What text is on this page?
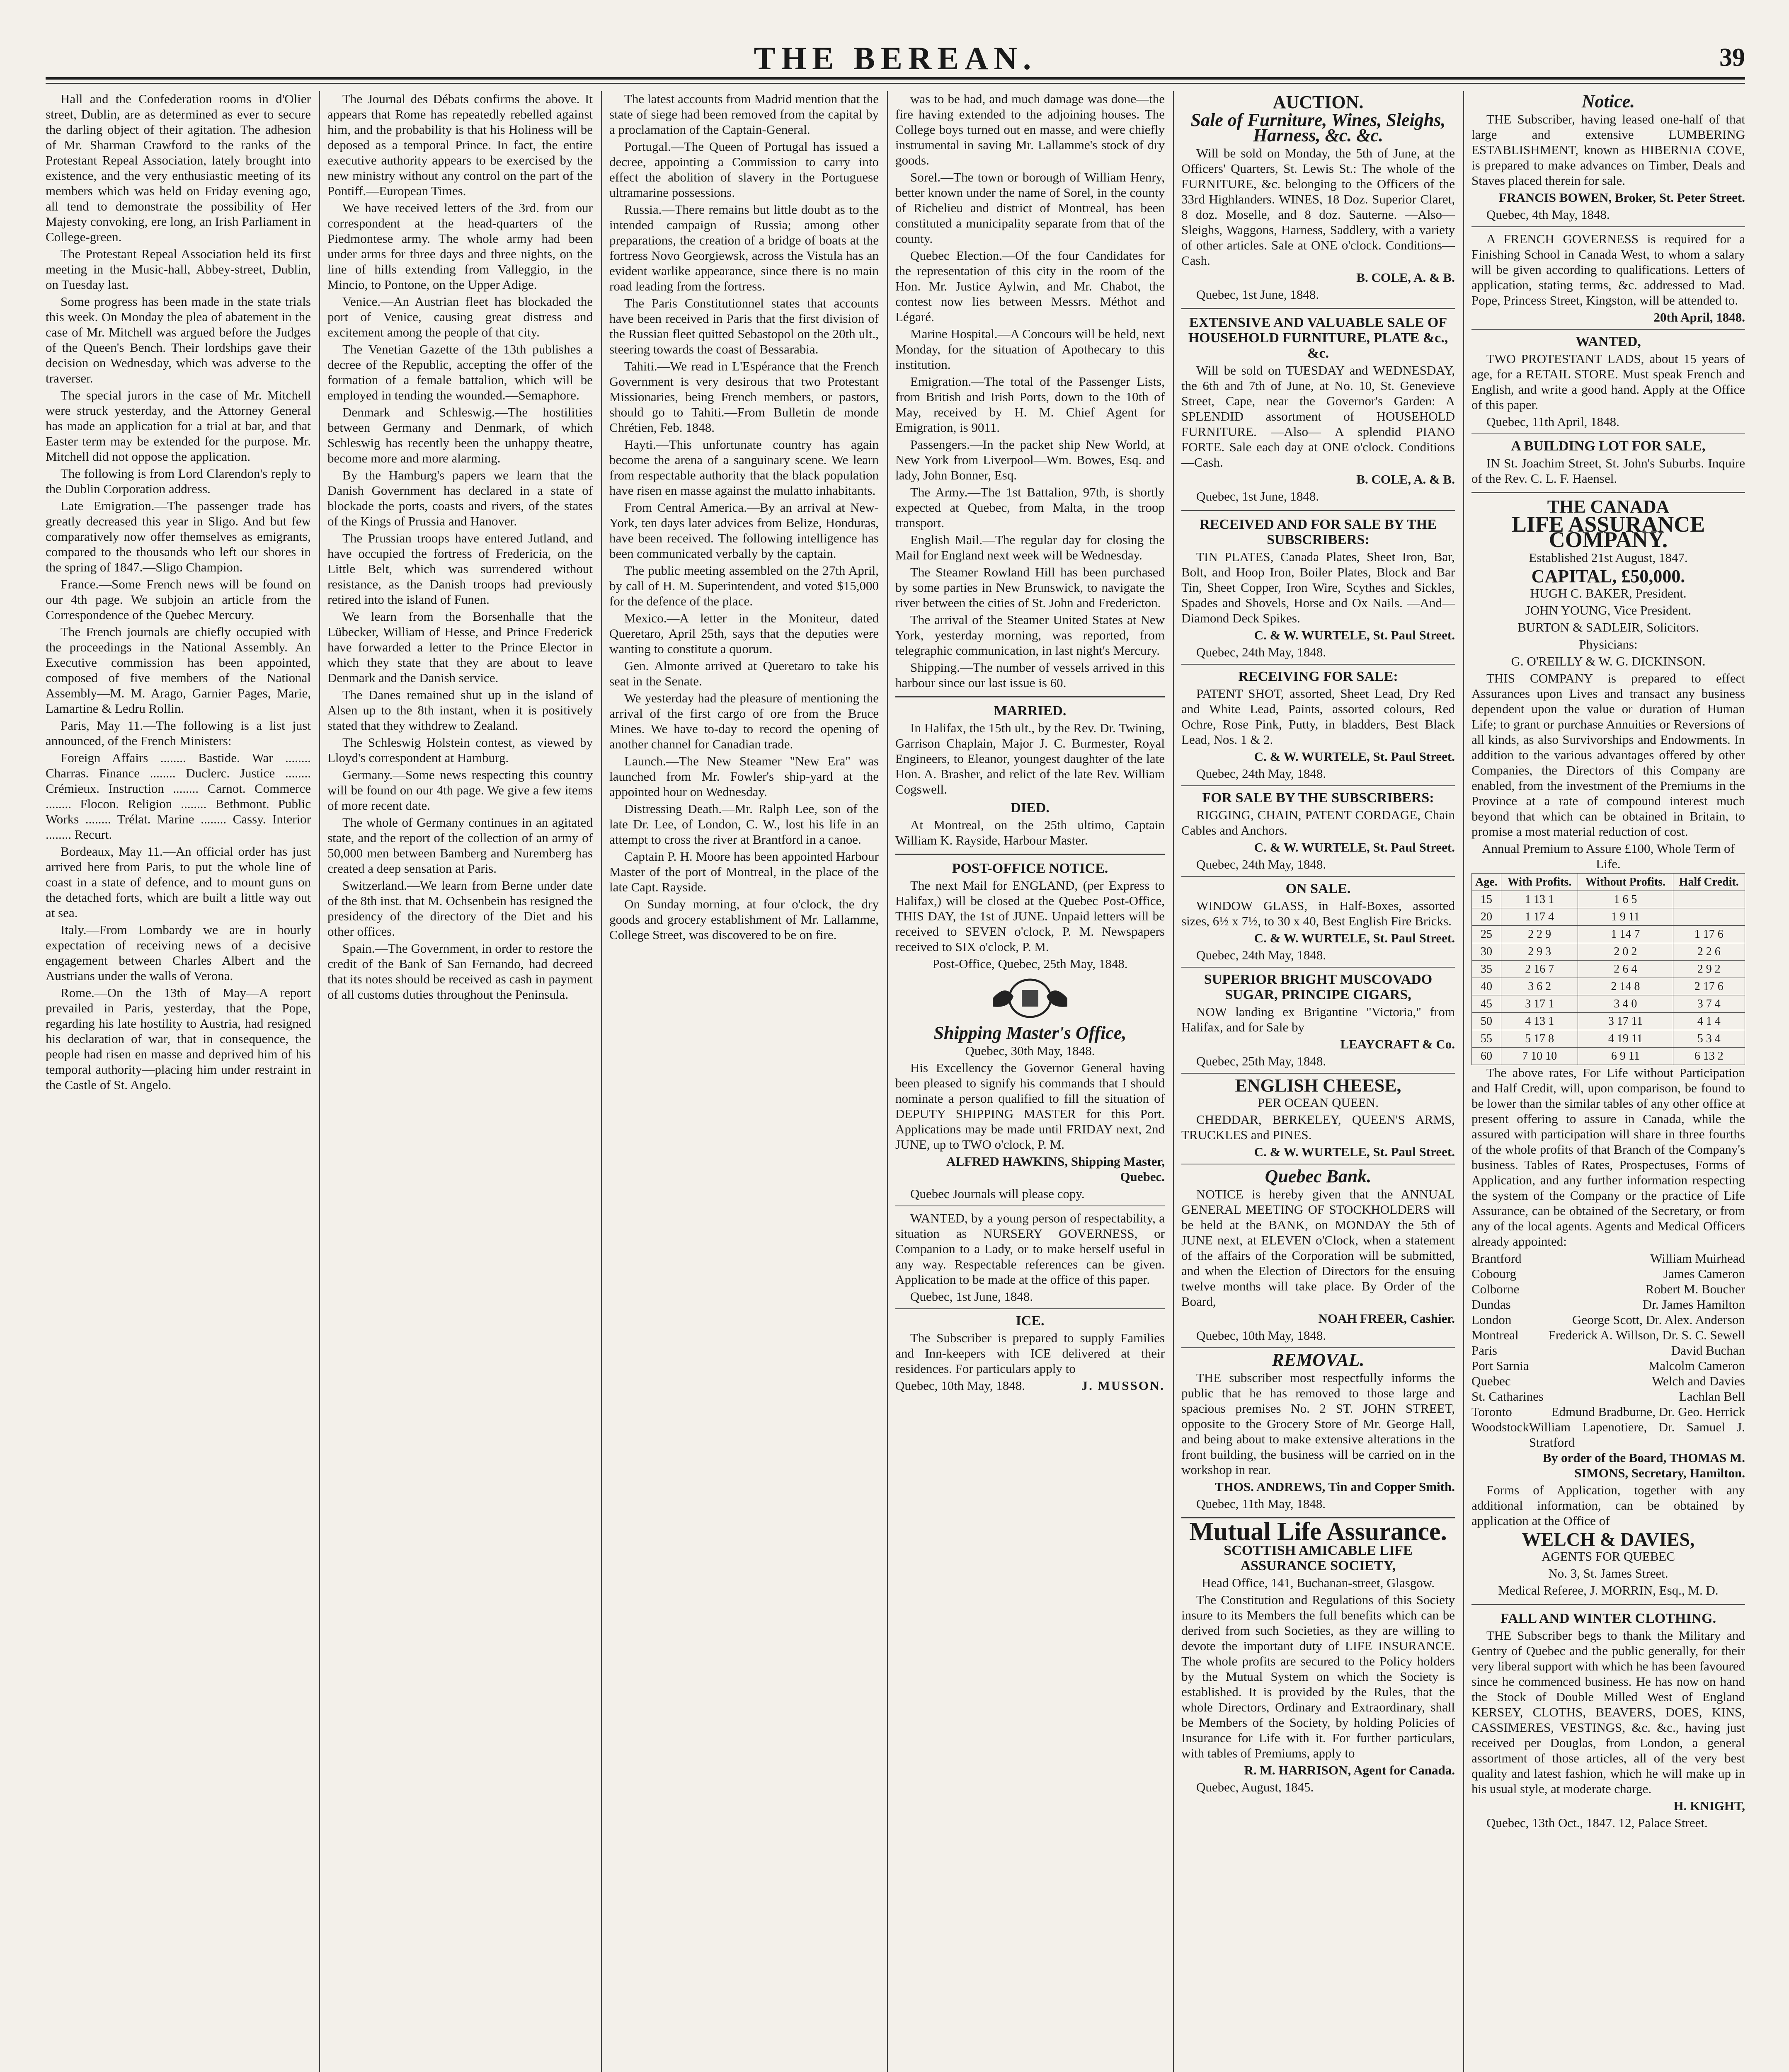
THE BEREAN.	39

Hall and the Confederation rooms in d'Olier street, Dublin, are as determined as ever to secure the darling object of their agitation. The adhesion of Mr. Sharman Crawford to the ranks of the Protestant Repeal Association, lately brought into existence, and the very enthusiastic meeting of its members which was held on Friday evening ago, all tend to demonstrate the possibility of Her Majesty convoking, ere long, an Irish Parliament in College-green.

The Protestant Repeal Association held its first meeting in the Music-hall, Abbey-street, Dublin, on Tuesday last.

Some progress has been made in the state trials this week. On Monday the plea of abatement in the case of Mr. Mitchell was argued before the Judges of the Queen's Bench. Their lordships gave their decision on Wednesday, which was adverse to the traverser.

The special jurors in the case of Mr. Mitchell were struck yesterday, and the Attorney General has made an application for a trial at bar, and that Easter term may be extended for the purpose. Mr. Mitchell did not oppose the application.

The following is from Lord Clarendon's reply to the Dublin Corporation address.

Late Emigration.—The passenger trade has greatly decreased this year in Sligo. And but few comparatively now offer themselves as emigrants, compared to the thousands who left our shores in the spring of 1847.—Sligo Champion.

France.—Some French news will be found on our 4th page. We subjoin an article from the Correspondence of the Quebec Mercury.

The French journals are chiefly occupied with the proceedings in the National Assembly. An Executive commission has been appointed, composed of five members of the National Assembly—M. M. Arago, Garnier Pages, Marie, Lamartine & Ledru Rollin.

Paris, May 11.—The following is a list just announced, of the French Ministers:

Foreign Affairs ........ Bastide. War ........ Charras. Finance ........ Duclerc. Justice ........ Crémieux. Instruction ........ Carnot. Commerce ........ Flocon. Religion ........ Bethmont. Public Works ........ Trélat. Marine ........ Cassy. Interior ........ Recurt.

Bordeaux, May 11.—An official order has just arrived here from Paris, to put the whole line of coast in a state of defence, and to mount guns on the detached forts, which are built a little way out at sea.

Italy.—From Lombardy we are in hourly expectation of receiving news of a decisive engagement between Charles Albert and the Austrians under the walls of Verona.

Rome.—On the 13th of May—A report prevailed in Paris, yesterday, that the Pope, regarding his late hostility to Austria, had resigned his declaration of war, that in consequence, the people had risen en masse and deprived him of his temporal authority—placing him under restraint in the Castle of St. Angelo.

The Journal des Débats confirms the above. It appears that Rome has repeatedly rebelled against him, and the probability is that his Holiness will be deposed as a temporal Prince. In fact, the entire executive authority appears to be exercised by the new ministry without any control on the part of the Pontiff.—European Times.

We have received letters of the 3rd. from our correspondent at the head-quarters of the Piedmontese army. The whole army had been under arms for three days and three nights, on the line of hills extending from Valleggio, in the Mincio, to Pontone, on the Upper Adige.

Venice.—An Austrian fleet has blockaded the port of Venice, causing great distress and excitement among the people of that city.

The Venetian Gazette of the 13th publishes a decree of the Republic, accepting the offer of the formation of a female battalion, which will be employed in tending the wounded.—Semaphore.

Denmark and Schleswig.—The hostilities between Germany and Denmark, of which Schleswig has recently been the unhappy theatre, become more and more alarming.

By the Hamburg's papers we learn that the Danish Government has declared in a state of blockade the ports, coasts and rivers, of the states of the Kings of Prussia and Hanover.

The Prussian troops have entered Jutland, and have occupied the fortress of Fredericia, on the Little Belt, which was surrendered without resistance, as the Danish troops had previously retired into the island of Funen.

We learn from the Borsenhalle that the Lübecker, William of Hesse, and Prince Frederick have forwarded a letter to the Prince Elector in which they state that they are about to leave Denmark and the Danish service.

The Danes remained shut up in the island of Alsen up to the 8th instant, when it is positively stated that they withdrew to Zealand.

The Schleswig Holstein contest, as viewed by Lloyd's correspondent at Hamburg.

Germany.—Some news respecting this country will be found on our 4th page. We give a few items of more recent date.

The whole of Germany continues in an agitated state, and the report of the collection of an army of 50,000 men between Bamberg and Nuremberg has created a deep sensation at Paris.

Switzerland.—We learn from Berne under date of the 8th inst. that M. Ochsenbein has resigned the presidency of the directory of the Diet and his other offices.

Spain.—The Government, in order to restore the credit of the Bank of San Fernando, had decreed that its notes should be received as cash in payment of all customs duties throughout the Peninsula.

The latest accounts from Madrid mention that the state of siege had been removed from the capital by a proclamation of the Captain-General.

Portugal.—The Queen of Portugal has issued a decree, appointing a Commission to carry into effect the abolition of slavery in the Portuguese ultramarine possessions.

Russia.—There remains but little doubt as to the intended campaign of Russia; among other preparations, the creation of a bridge of boats at the fortress Novo Georgiewsk, across the Vistula has an evident warlike appearance, since there is no main road leading from the fortress.

The Paris Constitutionnel states that accounts have been received in Paris that the first division of the Russian fleet quitted Sebastopol on the 20th ult., steering towards the coast of Bessarabia.

Tahiti.—We read in L'Espérance that the French Government is very desirous that two Protestant Missionaries, being French members, or pastors, should go to Tahiti.—From Bulletin de monde Chrétien, Feb. 1848.

Hayti.—This unfortunate country has again become the arena of a sanguinary scene. We learn from respectable authority that the black population have risen en masse against the mulatto inhabitants.

From Central America.—By an arrival at New-York, ten days later advices from Belize, Honduras, have been received. The following intelligence has been communicated verbally by the captain.

The public meeting assembled on the 27th April, by call of H. M. Superintendent, and voted $15,000 for the defence of the place.

Mexico.—A letter in the Moniteur, dated Queretaro, April 25th, says that the deputies were wanting to constitute a quorum.

Gen. Almonte arrived at Queretaro to take his seat in the Senate.

We yesterday had the pleasure of mentioning the arrival of the first cargo of ore from the Bruce Mines. We have to-day to record the opening of another channel for Canadian trade.

Launch.—The New Steamer "New Era" was launched from Mr. Fowler's ship-yard at the appointed hour on Wednesday.

Distressing Death.—Mr. Ralph Lee, son of the late Dr. Lee, of London, C. W., lost his life in an attempt to cross the river at Brantford in a canoe.

Captain P. H. Moore has been appointed Harbour Master of the port of Montreal, in the place of the late Capt. Rayside.

On Sunday morning, at four o'clock, the dry goods and grocery establishment of Mr. Lallamme, College Street, was discovered to be on fire.

was to be had, and much damage was done—the fire having extended to the adjoining houses. The College boys turned out en masse, and were chiefly instrumental in saving Mr. Lallamme's stock of dry goods.

Sorel.—The town or borough of William Henry, better known under the name of Sorel, in the county of Richelieu and district of Montreal, has been constituted a municipality separate from that of the county.

Quebec Election.—Of the four Candidates for the representation of this city in the room of the Hon. Mr. Justice Aylwin, and Mr. Chabot, the contest now lies between Messrs. Méthot and Légaré.

Marine Hospital.—A Concours will be held, next Monday, for the situation of Apothecary to this institution.

Emigration.—The total of the Passenger Lists, from British and Irish Ports, down to the 10th of May, received by H. M. Chief Agent for Emigration, is 9011.

Passengers.—In the packet ship New World, at New York from Liverpool—Wm. Bowes, Esq. and lady, John Bonner, Esq.

The Army.—The 1st Battalion, 97th, is shortly expected at Quebec, from Malta, in the troop transport.

English Mail.—The regular day for closing the Mail for England next week will be Wednesday.

The Steamer Rowland Hill has been purchased by some parties in New Brunswick, to navigate the river between the cities of St. John and Fredericton.

The arrival of the Steamer United States at New York, yesterday morning, was reported, from telegraphic communication, in last night's Mercury.

Shipping.—The number of vessels arrived in this harbour since our last issue is 60.

MARRIED.

In Halifax, the 15th ult., by the Rev. Dr. Twining, Garrison Chaplain, Major J. C. Burmester, Royal Engineers, to Eleanor, youngest daughter of the late Hon. A. Brasher, and relict of the late Rev. William Cogswell.

DIED.

At Montreal, on the 25th ultimo, Captain William K. Rayside, Harbour Master.

POST-OFFICE NOTICE.

The next Mail for ENGLAND, (per Express to Halifax,) will be closed at the Quebec Post-Office, THIS DAY, the 1st of JUNE. Unpaid letters will be received to SEVEN o'clock, P. M. Newspapers received to SIX o'clock, P. M.

Post-Office, Quebec, 25th May, 1848.

Shipping Master's Office,

Quebec, 30th May, 1848.

His Excellency the Governor General having been pleased to signify his commands that I should nominate a person qualified to fill the situation of DEPUTY SHIPPING MASTER for this Port. Applications may be made until FRIDAY next, 2nd JUNE, up to TWO o'clock, P. M.

ALFRED HAWKINS, Shipping Master, Quebec.

Quebec Journals will please copy.

WANTED, by a young person of respectability, a situation as NURSERY GOVERNESS, or Companion to a Lady, or to make herself useful in any way. Respectable references can be given. Application to be made at the office of this paper.

Quebec, 1st June, 1848.

ICE.

The Subscriber is prepared to supply Families and Inn-keepers with ICE delivered at their residences. For particulars apply to

Quebec, 10th May, 1848.	J. MUSSON.
AUCTION.
Sale of Furniture, Wines, Sleighs, Harness, &c. &c.

Will be sold on Monday, the 5th of June, at the Officers' Quarters, St. Lewis St.: The whole of the FURNITURE, &c. belonging to the Officers of the 33rd Highlanders. WINES, 18 Doz. Superior Claret, 8 doz. Moselle, and 8 doz. Sauterne. —Also— Sleighs, Waggons, Harness, Saddlery, with a variety of other articles. Sale at ONE o'clock. Conditions—Cash.

B. COLE, A. & B.

Quebec, 1st June, 1848.

EXTENSIVE AND VALUABLE SALE OF HOUSEHOLD FURNITURE, PLATE &c., &c.

Will be sold on TUESDAY and WEDNESDAY, the 6th and 7th of June, at No. 10, St. Genevieve Street, Cape, near the Governor's Garden: A SPLENDID assortment of HOUSEHOLD FURNITURE. —Also— A splendid PIANO FORTE. Sale each day at ONE o'clock. Conditions—Cash.

B. COLE, A. & B.

Quebec, 1st June, 1848.

RECEIVED AND FOR SALE BY THE SUBSCRIBERS:

TIN PLATES, Canada Plates, Sheet Iron, Bar, Bolt, and Hoop Iron, Boiler Plates, Block and Bar Tin, Sheet Copper, Iron Wire, Scythes and Sickles, Spades and Shovels, Horse and Ox Nails. —And— Diamond Deck Spikes.

C. & W. WURTELE, St. Paul Street.

Quebec, 24th May, 1848.

RECEIVING FOR SALE:

PATENT SHOT, assorted, Sheet Lead, Dry Red and White Lead, Paints, assorted colours, Red Ochre, Rose Pink, Putty, in bladders, Best Black Lead, Nos. 1 & 2.

C. & W. WURTELE, St. Paul Street.

Quebec, 24th May, 1848.

FOR SALE BY THE SUBSCRIBERS:

RIGGING, CHAIN, PATENT CORDAGE, Chain Cables and Anchors.

C. & W. WURTELE, St. Paul Street.

Quebec, 24th May, 1848.

ON SALE.

WINDOW GLASS, in Half-Boxes, assorted sizes, 6½ x 7½, to 30 x 40, Best English Fire Bricks.

C. & W. WURTELE, St. Paul Street.

Quebec, 24th May, 1848.

SUPERIOR BRIGHT MUSCOVADO SUGAR, PRINCIPE CIGARS,

NOW landing ex Brigantine "Victoria," from Halifax, and for Sale by

LEAYCRAFT & Co.

Quebec, 25th May, 1848.

ENGLISH CHEESE,

PER OCEAN QUEEN.

CHEDDAR, BERKELEY, QUEEN'S ARMS, TRUCKLES and PINES.

C. & W. WURTELE, St. Paul Street.

Quebec Bank.

NOTICE is hereby given that the ANNUAL GENERAL MEETING OF STOCKHOLDERS will be held at the BANK, on MONDAY the 5th of JUNE next, at ELEVEN o'Clock, when a statement of the affairs of the Corporation will be submitted, and when the Election of Directors for the ensuing twelve months will take place. By Order of the Board,

NOAH FREER, Cashier.

Quebec, 10th May, 1848.

REMOVAL.

THE subscriber most respectfully informs the public that he has removed to those large and spacious premises No. 2 ST. JOHN STREET, opposite to the Grocery Store of Mr. George Hall, and being about to make extensive alterations in the front building, the business will be carried on in the workshop in rear.

THOS. ANDREWS, Tin and Copper Smith.

Quebec, 11th May, 1848.

Mutual Life Assurance.
SCOTTISH AMICABLE LIFE ASSURANCE SOCIETY,

Head Office, 141, Buchanan-street, Glasgow.

The Constitution and Regulations of this Society insure to its Members the full benefits which can be derived from such Societies, as they are willing to devote the important duty of LIFE INSURANCE. The whole profits are secured to the Policy holders by the Mutual System on which the Society is established. It is provided by the Rules, that the whole Directors, Ordinary and Extraordinary, shall be Members of the Society, by holding Policies of Insurance for Life with it. For further particulars, with tables of Premiums, apply to

R. M. HARRISON, Agent for Canada.

Quebec, August, 1845.

Notice.

THE Subscriber, having leased one-half of that large and extensive LUMBERING ESTABLISHMENT, known as HIBERNIA COVE, is prepared to make advances on Timber, Deals and Staves placed therein for sale.

FRANCIS BOWEN, Broker, St. Peter Street.

Quebec, 4th May, 1848.

A FRENCH GOVERNESS is required for a Finishing School in Canada West, to whom a salary will be given according to qualifications. Letters of application, stating terms, &c. addressed to Mad. Pope, Princess Street, Kingston, will be attended to.

20th April, 1848.

WANTED,

TWO PROTESTANT LADS, about 15 years of age, for a RETAIL STORE. Must speak French and English, and write a good hand. Apply at the Office of this paper.

Quebec, 11th April, 1848.

A BUILDING LOT FOR SALE,

IN St. Joachim Street, St. John's Suburbs. Inquire of the Rev. C. L. F. Haensel.

THE CANADA
LIFE ASSURANCE COMPANY.

Established 21st August, 1847.

CAPITAL, £50,000.

HUGH C. BAKER, President.

JOHN YOUNG, Vice President.

BURTON & SADLEIR, Solicitors.

Physicians:

G. O'REILLY & W. G. DICKINSON.

THIS COMPANY is prepared to effect Assurances upon Lives and transact any business dependent upon the value or duration of Human Life; to grant or purchase Annuities or Reversions of all kinds, as also Survivorships and Endowments. In addition to the various advantages offered by other Companies, the Directors of this Company are enabled, from the investment of the Premiums in the Province at a rate of compound interest much beyond that which can be obtained in Britain, to promise a most material reduction of cost.

Annual Premium to Assure £100, Whole Term of Life.

Age.	With Profits.	Without Profits.	Half Credit.
15	1 13 1	1 6 5	
20	1 17 4	1 9 11	
25	2 2 9	1 14 7	1 17 6
30	2 9 3	2 0 2	2 2 6
35	2 16 7	2 6 4	2 9 2
40	3 6 2	2 14 8	2 17 6
45	3 17 1	3 4 0	3 7 4
50	4 13 1	3 17 11	4 1 4
55	5 17 8	4 19 11	5 3 4
60	7 10 10	6 9 11	6 13 2

The above rates, For Life without Participation and Half Credit, will, upon comparison, be found to be lower than the similar tables of any other office at present offering to assure in Canada, while the assured with participation will share in three fourths of the whole profits of that Branch of the Company's business. Tables of Rates, Prospectuses, Forms of Application, and any further information respecting the system of the Company or the practice of Life Assurance, can be obtained of the Secretary, or from any of the local agents. Agents and Medical Officers already appointed:

Brantford	William Muirhead
Cobourg	James Cameron
Colborne	Robert M. Boucher
Dundas	Dr. James Hamilton
London	George Scott, Dr. Alex. Anderson
Montreal Frederick A. Willson, Dr. S. C. Sewell
Paris	David Buchan
Port Sarnia	Malcolm Cameron
Quebec	Welch and Davies
St. Catharines	Lachlan Bell
Toronto	Edmund Bradburne, Dr. Geo. Herrick
Woodstock William Lapenotiere, Dr. Samuel J. Stratford

By order of the Board, THOMAS M. SIMONS, Secretary, Hamilton.

Forms of Application, together with any additional information, can be obtained by application at the Office of

WELCH & DAVIES,

AGENTS FOR QUEBEC

No. 3, St. James Street.

Medical Referee, J. MORRIN, Esq., M. D.

FALL AND WINTER CLOTHING.

THE Subscriber begs to thank the Military and Gentry of Quebec and the public generally, for their very liberal support with which he has been favoured since he commenced business. He has now on hand the Stock of Double Milled West of England KERSEY, CLOTHS, BEAVERS, DOES, KINS, CASSIMERES, VESTINGS, &c. &c., having just received per Douglas, from London, a general assortment of those articles, all of the very best quality and latest fashion, which he will make up in his usual style, at moderate charge.

H. KNIGHT,

Quebec, 13th Oct., 1847. 12, Palace Street.
